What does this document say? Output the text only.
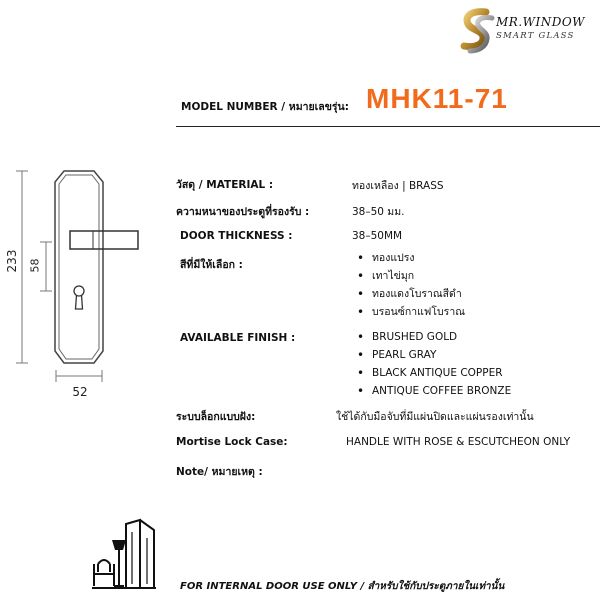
MR.WINDOW
SMART GLASS
MODEL NUMBER / หมายเลขรุ่น: MHK11-71
233 58
52
วัสดุ / MATERIAL :	ทองเหลือง | BRASS
ความหนาของประตูที่รองรับ :	38–50 มม.
DOOR THICKNESS :	38–50MM
สีที่มีให้เลือก :
• ทองแปรง
• เทาไข่มุก
• ทองแดงโบราณสีดำ
• บรอนซ์กาแฟโบราณ
AVAILABLE FINISH :
•	BRUSHED GOLD
• PEARL GRAY
• BLACK ANTIQUE COPPER
• ANTIQUE COFFEE BRONZE
ระบบล็อกแบบฝัง:	ใช้ได้กับมือจับที่มีแผ่นปิดและแผ่นรองเท่านั้น
Mortise Lock Case:	HANDLE WITH ROSE & ESCUTCHEON ONLY
Note/ หมายเหตุ :
FOR INTERNAL DOOR USE ONLY / สำหรับใช้กับประตูภายในเท่านั้น
